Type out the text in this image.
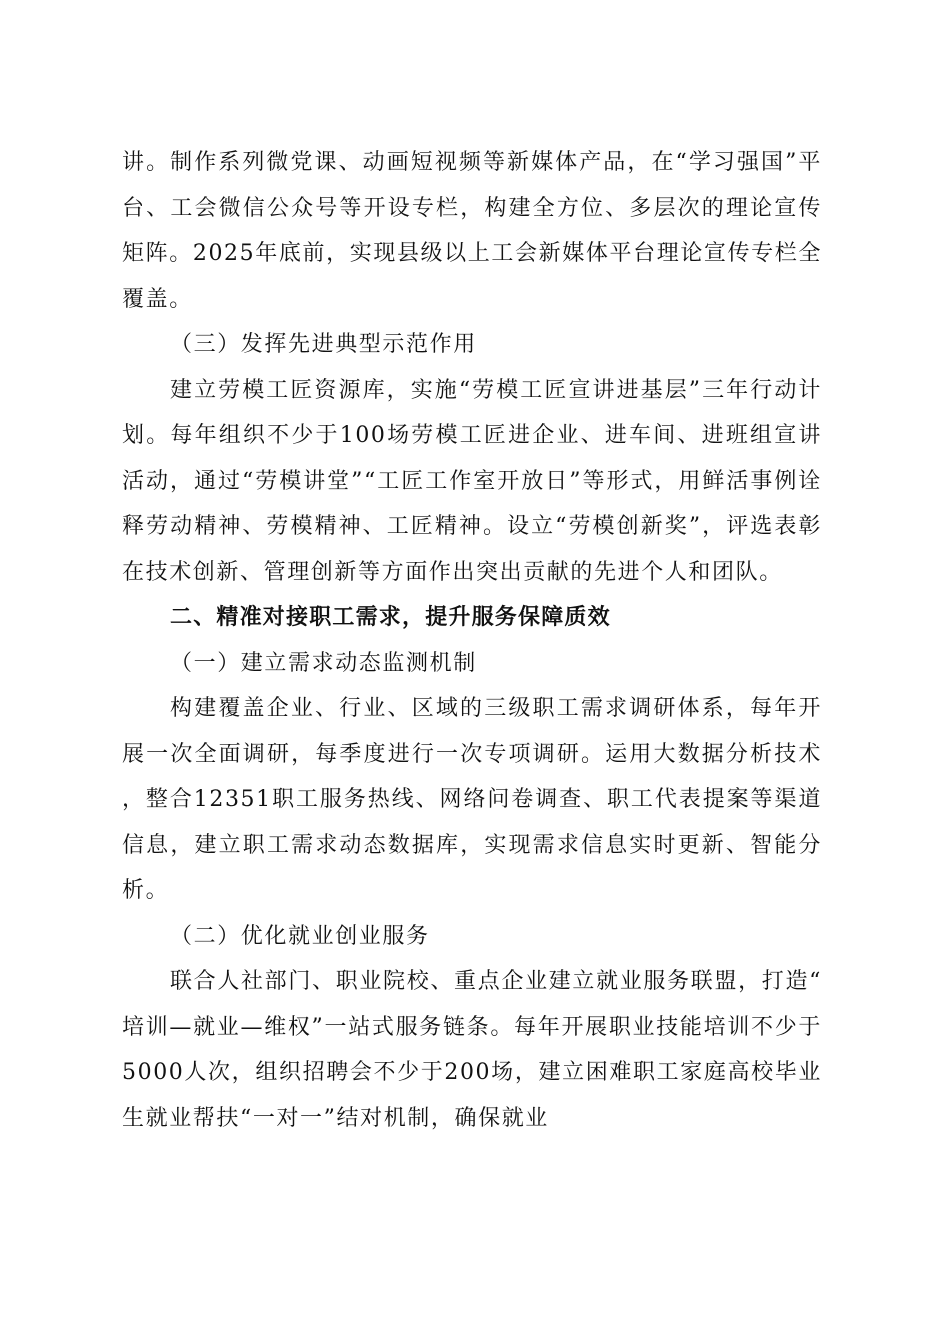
讲。制作系列微党课、动画短视频等新媒体产品，在“学习强国”平台、工会微信公众号等开设专栏，构建全方位、多层次的理论宣传矩阵。2025年底前，实现县级以上工会新媒体平台理论宣传专栏全覆盖。

（三）发挥先进典型示范作用

建立劳模工匠资源库，实施“劳模工匠宣讲进基层”三年行动计划。每年组织不少于100场劳模工匠进企业、进车间、进班组宣讲活动，通过“劳模讲堂”“工匠工作室开放日”等形式，用鲜活事例诠释劳动精神、劳模精神、工匠精神。设立“劳模创新奖”，评选表彰在技术创新、管理创新等方面作出突出贡献的先进个人和团队。

二、精准对接职工需求，提升服务保障质效

（一）建立需求动态监测机制

构建覆盖企业、行业、区域的三级职工需求调研体系，每年开展一次全面调研，每季度进行一次专项调研。运用大数据分析技术，整合12351职工服务热线、网络问卷调查、职工代表提案等渠道信息，建立职工需求动态数据库，实现需求信息实时更新、智能分析。

（二）优化就业创业服务

联合人社部门、职业院校、重点企业建立就业服务联盟，打造“培训—就业—维权”一站式服务链条。每年开展职业技能培训不少于5000人次，组织招聘会不少于200场，建立困难职工家庭高校毕业生就业帮扶“一对一”结对机制，确保就业
